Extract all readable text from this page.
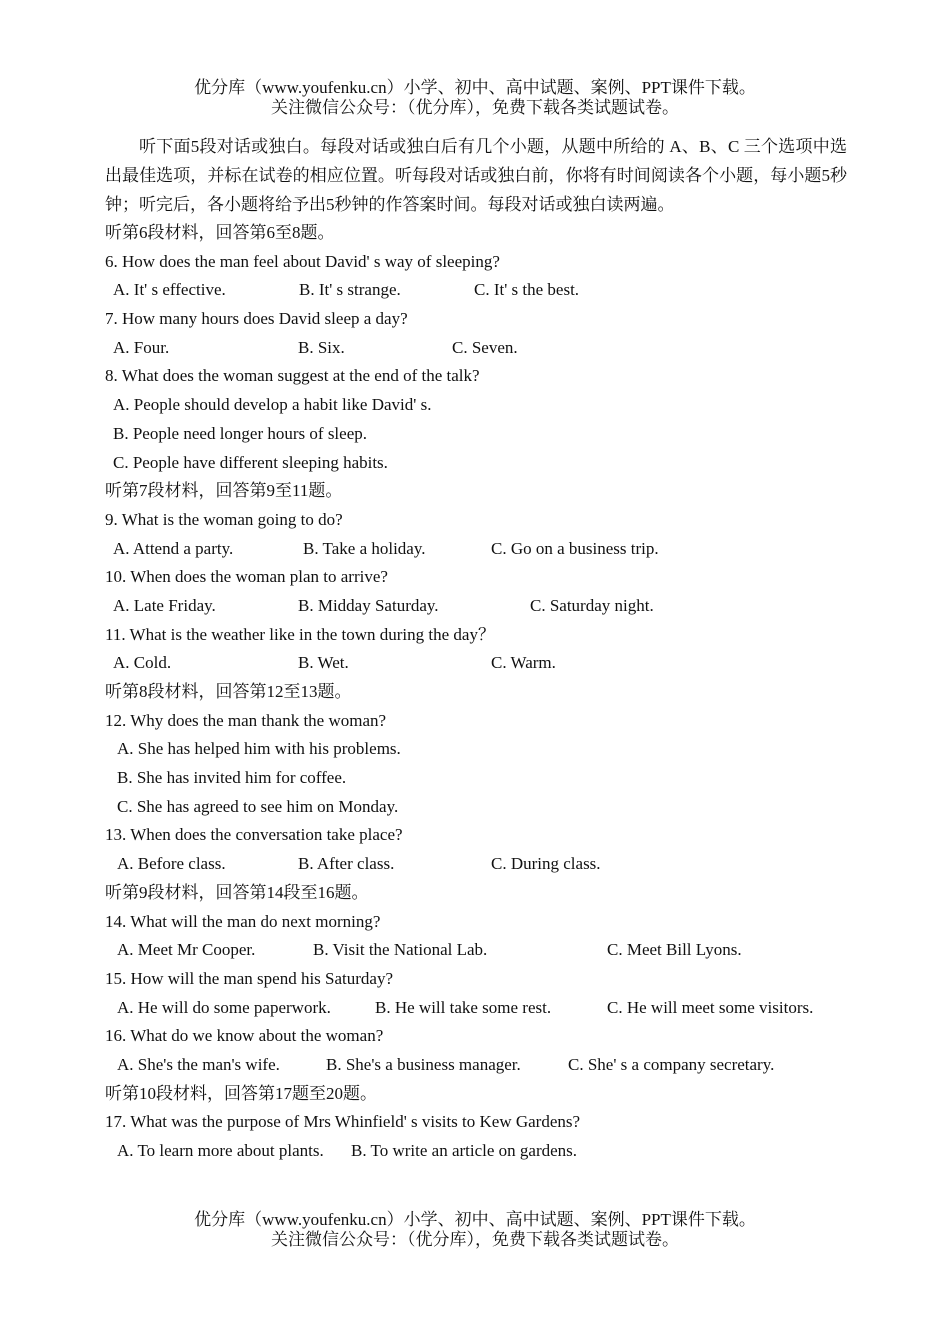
优分库（www.youfenku.cn）小学、初中、高中试题、案例、PPT课件下载。
关注微信公众号：（优分库），免费下载各类试题试卷。

听下面5段对话或独白。每段对话或独白后有几个小题，从题中所给的 A、B、C 三个选项中选出最佳选项，并标在试卷的相应位置。听每段对话或独白前，你将有时间阅读各个小题，每小题5秒钟；听完后，各小题将给予出5秒钟的作答案时间。每段对话或独白读两遍。

听第6段材料，回答第6至8题。
6. How does the man feel about David' s way of sleeping?
A. It' s effective.	B. It' s strange.	C. It' s the best.
7. How many hours does David sleep a day?
A. Four.	B. Six.	C. Seven.
8. What does the woman suggest at the end of the talk?
A. People should develop a habit like David' s.
B. People need longer hours of sleep.
C. People have different sleeping habits.
听第7段材料，回答第9至11题。
9. What is the woman going to do?
A. Attend a party.	B. Take a holiday.	C. Go on a business trip.
10. When does the woman plan to arrive?
A. Late Friday.	B. Midday Saturday.	C. Saturday night.
11. What is the weather like in the town during the day？
A. Cold.	B. Wet.	C. Warm.
听第8段材料，回答第12至13题。
12. Why does the man thank the woman?
A. She has helped him with his problems.
B. She has invited him for coffee.
C. She has agreed to see him on Monday.
13. When does the conversation take place?
A. Before class.	B. After class.	C. During class.
听第9段材料，回答第14段至16题。
14. What will the man do next morning?
A. Meet Mr Cooper.	B. Visit the National Lab.	C. Meet Bill Lyons.
15. How will the man spend his Saturday?
A. He will do some paperwork.	B. He will take some rest.	C. He will meet some visitors.
16. What do we know about the woman?
A. She's the man's wife.	B. She's a business manager.	C. She' s a company secretary.
听第10段材料，回答第17题至20题。
17. What was the purpose of Mrs Whinfield' s visits to Kew Gardens?
A. To learn more about plants. B. To write an article on gardens.
优分库（www.youfenku.cn）小学、初中、高中试题、案例、PPT课件下载。
关注微信公众号：（优分库），免费下载各类试题试卷。
